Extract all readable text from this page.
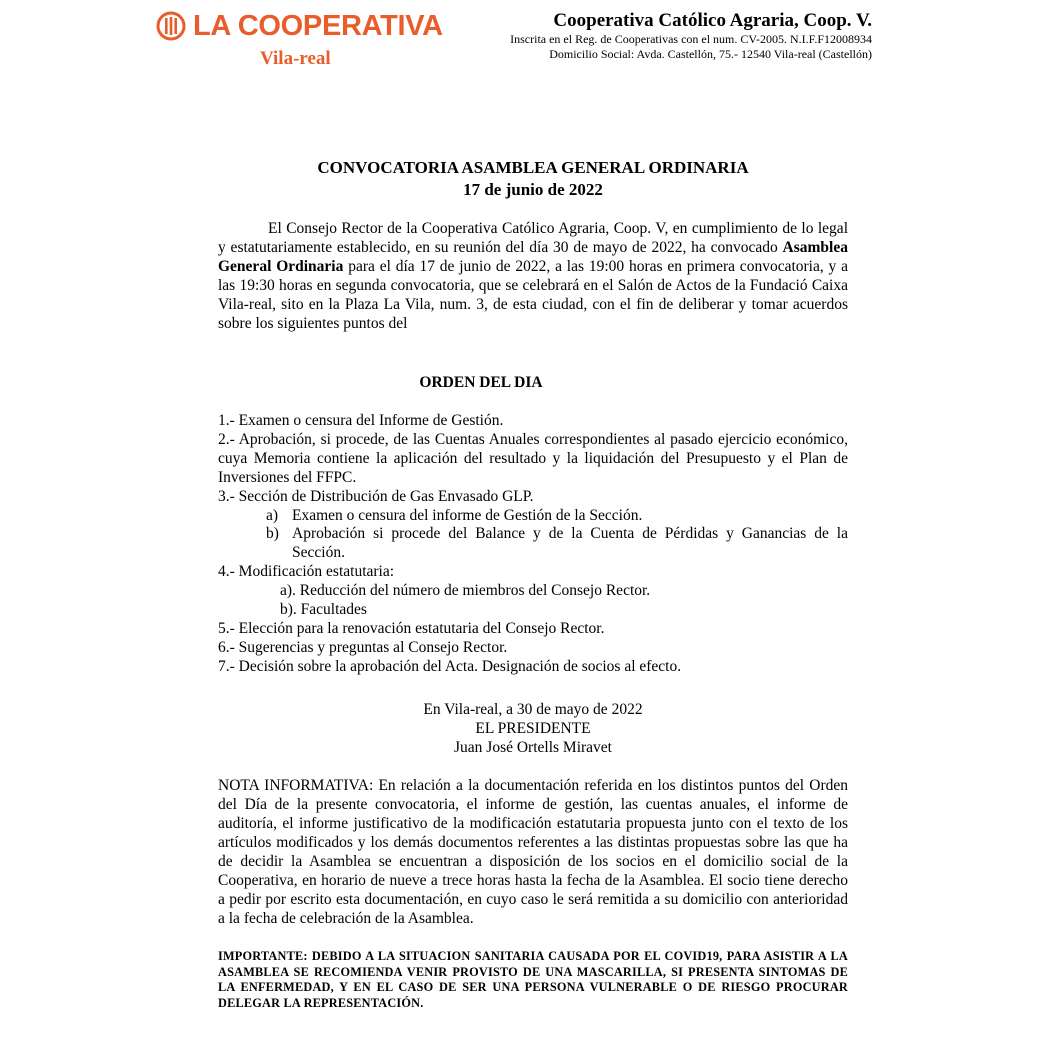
LA COOPERATIVA
Vila-real
Cooperativa Católico Agraria, Coop. V.
Inscrita en el Reg. de Cooperativas con el num. CV-2005. N.I.F.F12008934
Domicilio Social: Avda. Castellón, 75.- 12540 Vila-real (Castellón)
CONVOCATORIA ASAMBLEA GENERAL ORDINARIA
17 de junio de 2022
El Consejo Rector de la Cooperativa Católico Agraria, Coop. V, en cumplimiento de lo legal y estatutariamente establecido, en su reunión del día 30 de mayo de 2022, ha convocado Asamblea General Ordinaria para el día 17 de junio de 2022, a las 19:00 horas en primera convocatoria, y a las 19:30 horas en segunda convocatoria, que se celebrará en el Salón de Actos de la Fundació Caixa Vila-real, sito en la Plaza La Vila, num. 3, de esta ciudad, con el fin de deliberar y tomar acuerdos sobre los siguientes puntos del
ORDEN DEL DIA
1.- Examen o censura del Informe de Gestión.
2.- Aprobación, si procede, de las Cuentas Anuales correspondientes al pasado ejercicio económico, cuya Memoria contiene la aplicación del resultado y la liquidación del Presupuesto y el Plan de Inversiones del FFPC.
3.- Sección de Distribución de Gas Envasado GLP.
a) Examen o censura del informe de Gestión de la Sección.
b) Aprobación si procede del Balance y de la Cuenta de Pérdidas y Ganancias de la Sección.
4.- Modificación estatutaria:
a). Reducción del número de miembros del Consejo Rector.
b). Facultades
5.- Elección para la renovación estatutaria del Consejo Rector.
6.- Sugerencias y preguntas al Consejo Rector.
7.- Decisión sobre la aprobación del Acta. Designación de socios al efecto.
En Vila-real, a 30 de mayo de 2022
EL PRESIDENTE
Juan José Ortells Miravet
NOTA INFORMATIVA: En relación a la documentación referida en los distintos puntos del Orden del Día de la presente convocatoria, el informe de gestión, las cuentas anuales, el informe de auditoría, el informe justificativo de la modificación estatutaria propuesta junto con el texto de los artículos modificados y los demás documentos referentes a las distintas propuestas sobre las que ha de decidir la Asamblea se encuentran a disposición de los socios en el domicilio social de la Cooperativa, en horario de nueve a trece horas hasta la fecha de la Asamblea. El socio tiene derecho a pedir por escrito esta documentación, en cuyo caso le será remitida a su domicilio con anterioridad a la fecha de celebración de la Asamblea.
IMPORTANTE: DEBIDO A LA SITUACION SANITARIA CAUSADA POR EL COVID19, PARA ASISTIR A LA ASAMBLEA SE RECOMIENDA VENIR PROVISTO DE UNA MASCARILLA, SI PRESENTA SINTOMAS DE LA ENFERMEDAD, Y EN EL CASO DE SER UNA PERSONA VULNERABLE O DE RIESGO PROCURAR DELEGAR LA REPRESENTACIÓN.
